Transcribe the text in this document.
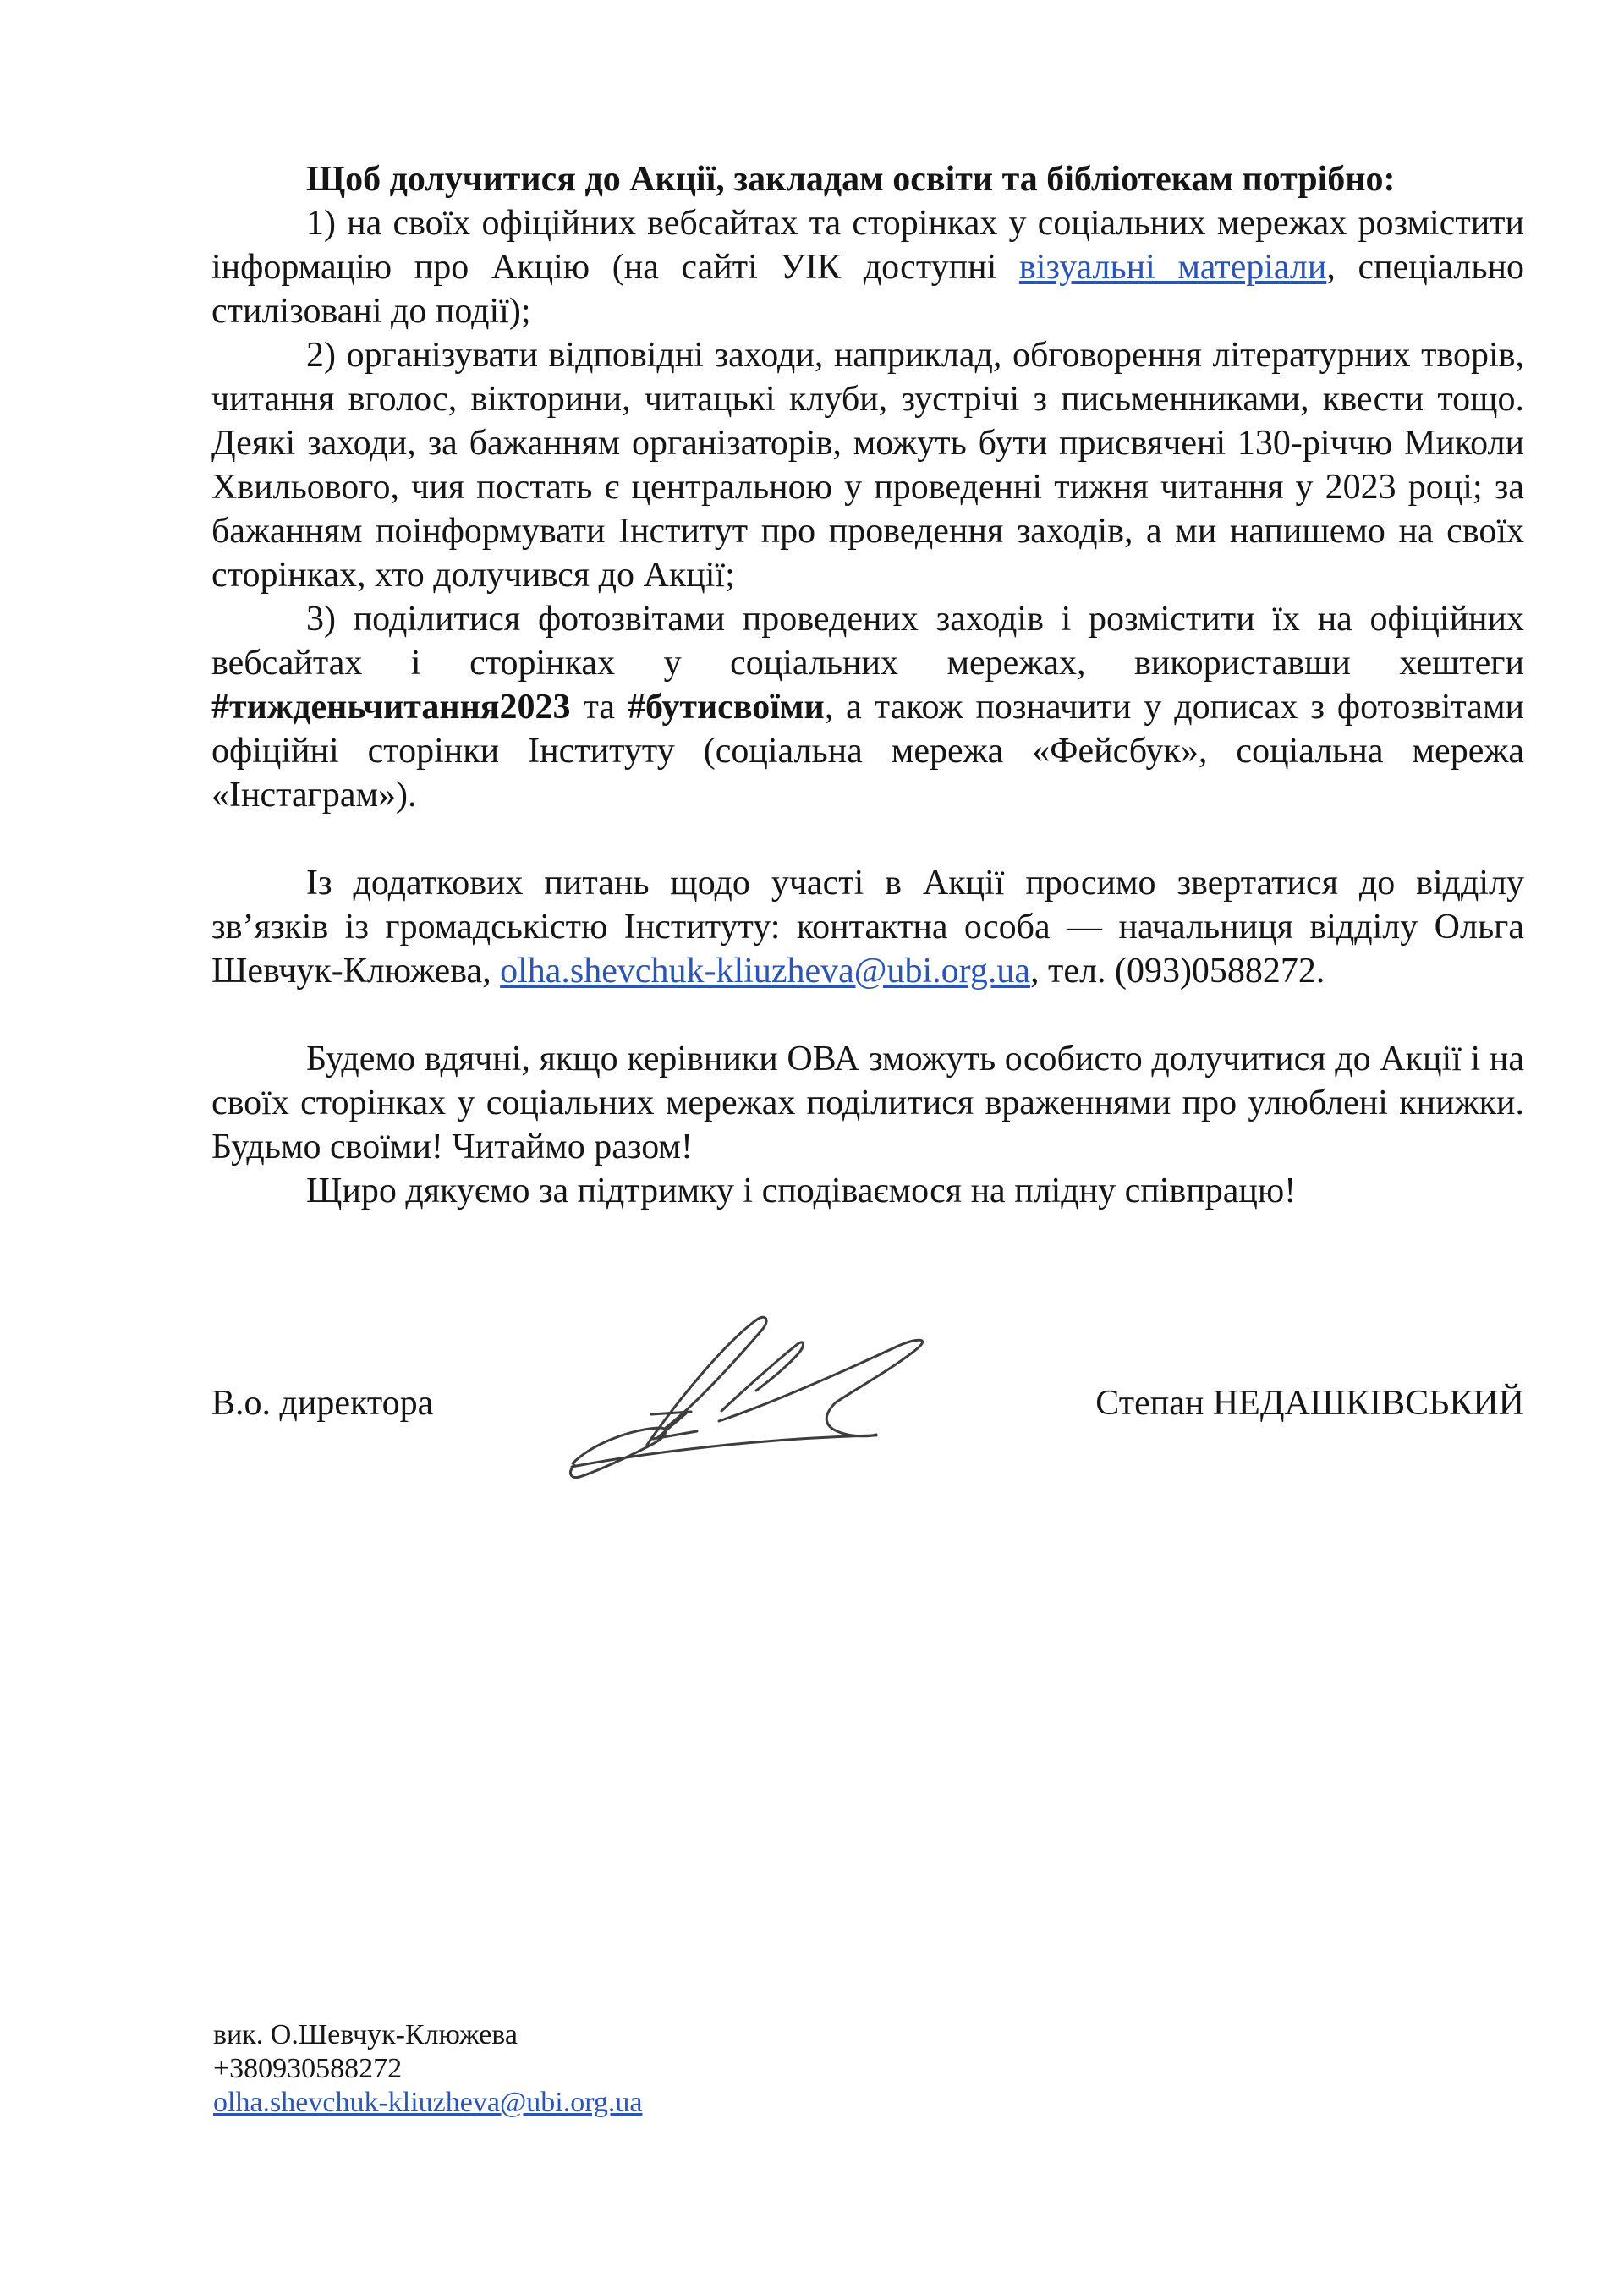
Щоб долучитися до Акції, закладам освіти та бібліотекам потрібно:

1) на своїх офіційних вебсайтах та сторінках у соціальних мережах розмістити інформацію про Акцію (на сайті УІК доступні візуальні матеріали, спеціально стилізовані до події);

2) організувати відповідні заходи, наприклад, обговорення літературних творів, читання вголос, вікторини, читацькі клуби, зустрічі з письменниками, квести тощо. Деякі заходи, за бажанням організаторів, можуть бути присвячені 130-річчю Миколи Хвильового, чия постать є центральною у проведенні тижня читання у 2023 році; за бажанням поінформувати Інститут про проведення заходів, а ми напишемо на своїх сторінках, хто долучився до Акції;

3) поділитися фотозвітами проведених заходів і розмістити їх на офіційних вебсайтах і сторінках у соціальних мережах, використавши хештеги #тижденьчитання2023 та #бутисвоїми, а також позначити у дописах з фотозвітами офіційні сторінки Інституту (соціальна мережа «Фейсбук», соціальна мережа «Інстаграм»).

Із додаткових питань щодо участі в Акції просимо звертатися до відділу зв’язків із громадськістю Інституту: контактна особа — начальниця відділу Ольга Шевчук-Клюжева, olha.shevchuk-kliuzheva@ubi.org.ua, тел. (093)0588272.

Будемо вдячні, якщо керівники ОВА зможуть особисто долучитися до Акції і на своїх сторінках у соціальних мережах поділитися враженнями про улюблені книжки. Будьмо своїми! Читаймо разом!

Щиро дякуємо за підтримку і сподіваємося на плідну співпрацю!

В.о. директора	Степан НЕДАШКІВСЬКИЙ
вик. О.Шевчук-Клюжева
+380930588272
olha.shevchuk-kliuzheva@ubi.org.ua
